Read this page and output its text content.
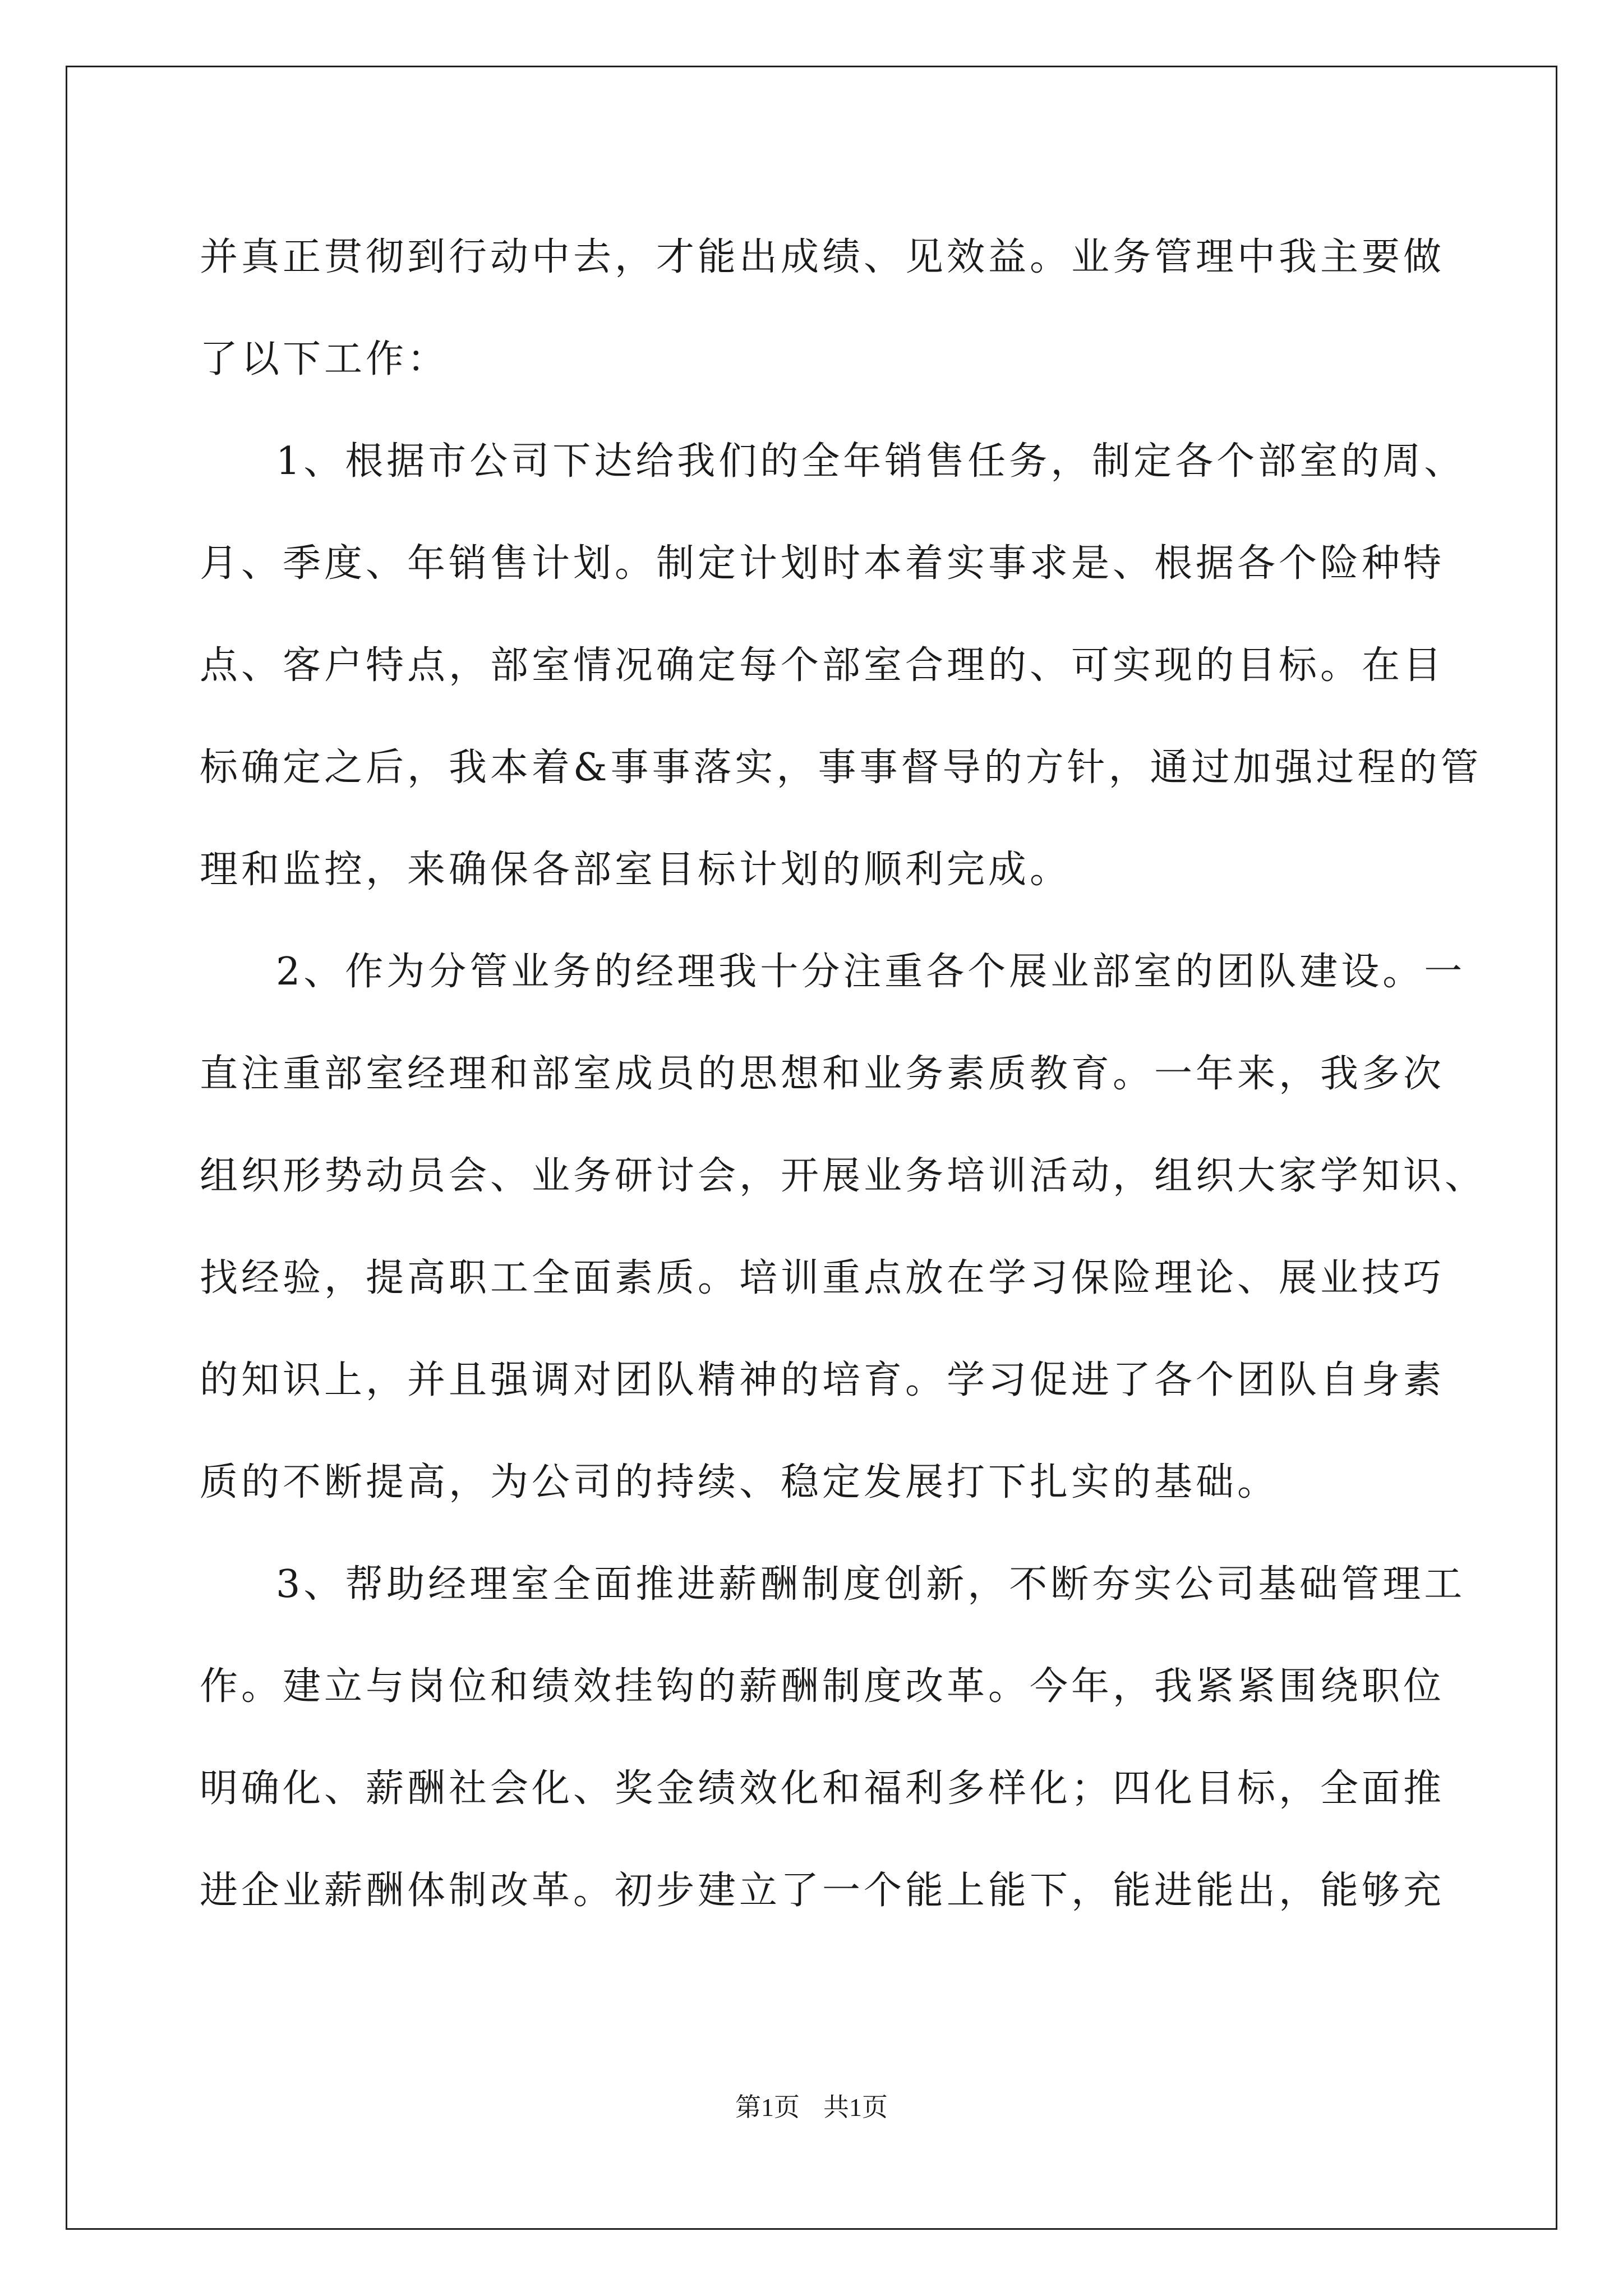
并真正贯彻到行动中去，才能出成绩、见效益。业务管理中我主要做

了以下工作：

1、根据市公司下达给我们的全年销售任务，制定各个部室的周、

月、季度、年销售计划。制定计划时本着实事求是、根据各个险种特

点、客户特点，部室情况确定每个部室合理的、可实现的目标。在目

标确定之后，我本着&事事落实，事事督导的方针，通过加强过程的管

理和监控，来确保各部室目标计划的顺利完成。

2、作为分管业务的经理我十分注重各个展业部室的团队建设。一

直注重部室经理和部室成员的思想和业务素质教育。一年来，我多次

组织形势动员会、业务研讨会，开展业务培训活动，组织大家学知识、

找经验，提高职工全面素质。培训重点放在学习保险理论、展业技巧

的知识上，并且强调对团队精神的培育。学习促进了各个团队自身素

质的不断提高，为公司的持续、稳定发展打下扎实的基础。

3、帮助经理室全面推进薪酬制度创新，不断夯实公司基础管理工

作。建立与岗位和绩效挂钩的薪酬制度改革。今年，我紧紧围绕职位

明确化、薪酬社会化、奖金绩效化和福利多样化；四化目标，全面推

进企业薪酬体制改革。初步建立了一个能上能下，能进能出，能够充

第1页 共1页
